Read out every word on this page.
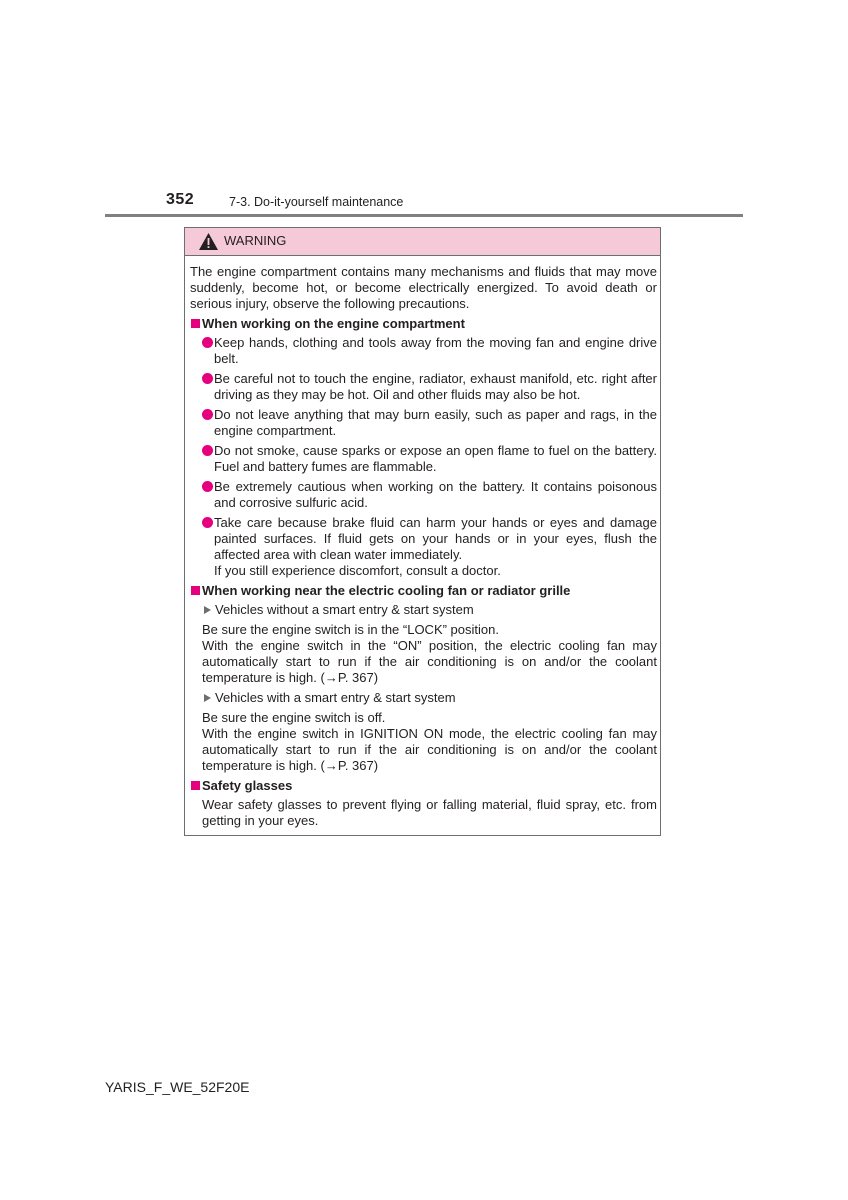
352	7-3. Do-it-yourself maintenance
WARNING

The engine compartment contains many mechanisms and fluids that may move suddenly, become hot, or become electrically energized. To avoid death or serious injury, observe the following precautions.

When working on the engine compartment
Keep hands, clothing and tools away from the moving fan and engine drive belt.
Be careful not to touch the engine, radiator, exhaust manifold, etc. right after driving as they may be hot. Oil and other fluids may also be hot.
Do not leave anything that may burn easily, such as paper and rags, in the engine compartment.
Do not smoke, cause sparks or expose an open flame to fuel on the battery. Fuel and battery fumes are flammable.
Be extremely cautious when working on the battery. It contains poisonous and corrosive sulfuric acid.
Take care because brake fluid can harm your hands or eyes and damage painted surfaces. If fluid gets on your hands or in your eyes, flush the affected area with clean water immediately.
If you still experience discomfort, consult a doctor.
When working near the electric cooling fan or radiator grille
Vehicles without a smart entry & start system
Be sure the engine switch is in the “LOCK” position.
With the engine switch in the “ON” position, the electric cooling fan may automatically start to run if the air conditioning is on and/or the coolant temperature is high. (→P. 367)
Vehicles with a smart entry & start system
Be sure the engine switch is off.
With the engine switch in IGNITION ON mode, the electric cooling fan may automatically start to run if the air conditioning is on and/or the coolant temperature is high. (→P. 367)
Safety glasses
Wear safety glasses to prevent flying or falling material, fluid spray, etc. from getting in your eyes.
YARIS_F_WE_52F20E
